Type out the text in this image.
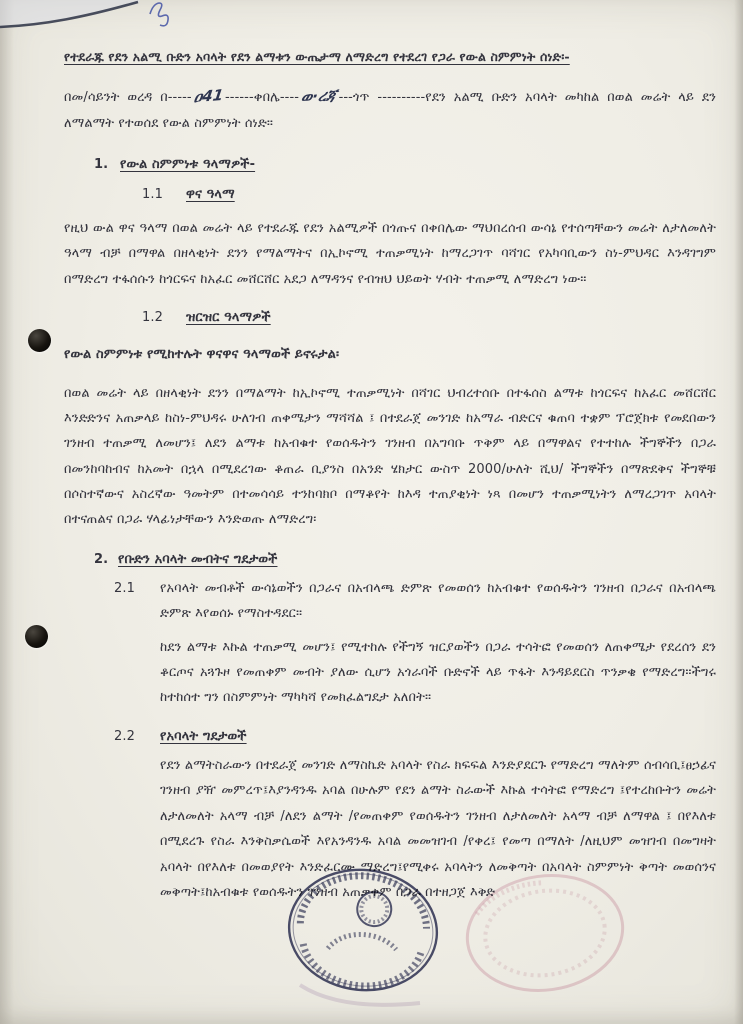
የተደራጁ የደን አልሚ ቡድን አባላት የደን ልማቱን ውጤታማ ለማድረግ የተደረገ የጋራ የውል ስምምነት ሰነድ፡-

በመ/ሳይንት ወረዳ በ-----ዐ41------ቀበሌ----ወ·ረጃ---ጎጥ ----------የደን አልሚ ቡድን አባላት መካከል በወል መሬት ላይ ደን ለማልማት የተወሰደ የውል ስምምነት ሰነድ።

1. የውል ስምምነቱ ዓላማዎች-
1.1	ዋና ዓላማ

የዚህ ውል ዋና ዓላማ በወል መሬት ላይ የተደራጁ የደን አልሚዎች በጎጡና በቀበሌው ማህበረሰብ ውሳኔ የተሰጣቸውን መሬት ለታለመለት ዓላማ ብቻ በማዋል በዘላቂነት ደንን የማልማትና በኢኮኖሚ ተጠቃሚነት ከማረጋገጥ ባሻገር የአካባቢውን ስነ-ምህዳር እንዳገግም በማድረግ ተፋሰሱን ከጎርፍና ከአፈር መሸርሸር አደጋ ለማዳንና የብዝህ ህይወት ሃብት ተጠቃሚ ለማድረግ ነው።

1.2	ዝርዝር ዓላማዎች

የውል ስምምነቱ የሚከተሉት ዋናዋና ዓላማወች ይኖሩታል፡

በወል መሬት ላይ በዘላቂነት ደንን በማልማት ከኢኮኖሚ ተጠቃሚነት በሻገር ህብረተሰቡ በተፋሰስ ልማቱ ከጎርፍና ከአፈር መሸርሸር እንድድንና አጠቃላይ ከስነ-ምህዳሩ ሁለገብ ጠቀሜታን ማሻሻል ፤ በተደራጀ መንገድ ከአማራ ብድርና ቁጠባ ተቋም ፕሮጀክቱ የመደበውን ገንዘብ ተጠቃሚ ለመሆን፤ ለደን ልማቱ ከአብቁተ የወሰዱትን ገንዘብ በአግባቡ ጥቅም ላይ በማዋልና የተተከሉ ችግኞችን በጋራ በመንከባከብና ከአመት በኋላ በሚደረገው ቆጠራ ቢያንስ በአንድ ሄክታር ውስጥ 2000/ሁለት ሺህ/ ችግኞችን በማጽደቅና ችግኞቹ በሶስተኛውና አስረኛው ዓመትም በተመሳሳይ ተንከባክቦ በማቆየት ከእዳ ተጠያቂነት ነጻ በመሆን ተጠቃሚነትን ለማረጋገጥ አባላት በተናጠልና በጋራ ሃላፊነታቸውን እንድወጡ ለማድረግ፡

2. የቡድን አባላት መብትና ግደታወች
2.1	የአባላት መብቶች ውሳኔወችን በጋራና በአብላጫ ድምጽ የመወሰን ከአብቁተ የወሰዱትን ገንዘብ በጋራና በአብላጫ ድምጽ እየወሰኑ የማስተዳደር።

ከደን ልማቱ እኩል ተጠቃሚ መሆን፤ የሚተከሉ የችግኝ ዝርያወችን በጋራ ተሳትፎ የመወሰን ለጠቀሜታ የደረሰን ደን ቆርጦና አጓጉዞ የመጠቀም መብት ያለው ሲሆን አጎራባች ቡድኖች ላይ ጥፋት እንዳይደርስ ጥንቃቄ የማድረግ።ችግሩ ከተከሰተ ግን በስምምነት ማካካሻ የመክፈልግደታ አለበት።

2.2	የአባላት ግደታወች

የደን ልማትስራውን በተደራጀ መንገድ ለማስኬድ አባላት የስራ ክፍፍል እንድያደርጉ የማድረግ ማለትም ሰብሳቢ፤ፀኃፊና ገንዘብ ያዥ መምረጥ፤እያንዳንዱ አባል በሁሉም የደን ልማት ስራውች እኩል ተሳትፎ የማድረግ ፤የተረከቡትን መሬት ለታለመለት አላማ ብቻ /ለደን ልማት /የመጠቀም የወሰዱትን ገንዘብ ለታለመለት አላማ ብቻ ለማዋል ፤ በየእለቱ በሚደረጉ የስራ እንቅስቃሴወች እየአንዳንዱ አባል መመዝገብ /የቀረ፤ የመጣ በማለት /ለዚህም መዝገብ በመግዛት አባላት በየእለቱ በመወያየት እንድፈርሙ ማድረግ፤የሚቀሩ አባላትን ለመቅጣት በአባላት ስምምነት ቅጣት መወሰንና መቅጣት፤ከአብቁቱ የወሰዱትን ገንዘብ አጠቃቀም በጋራ በተዘጋጀ እቅድ
